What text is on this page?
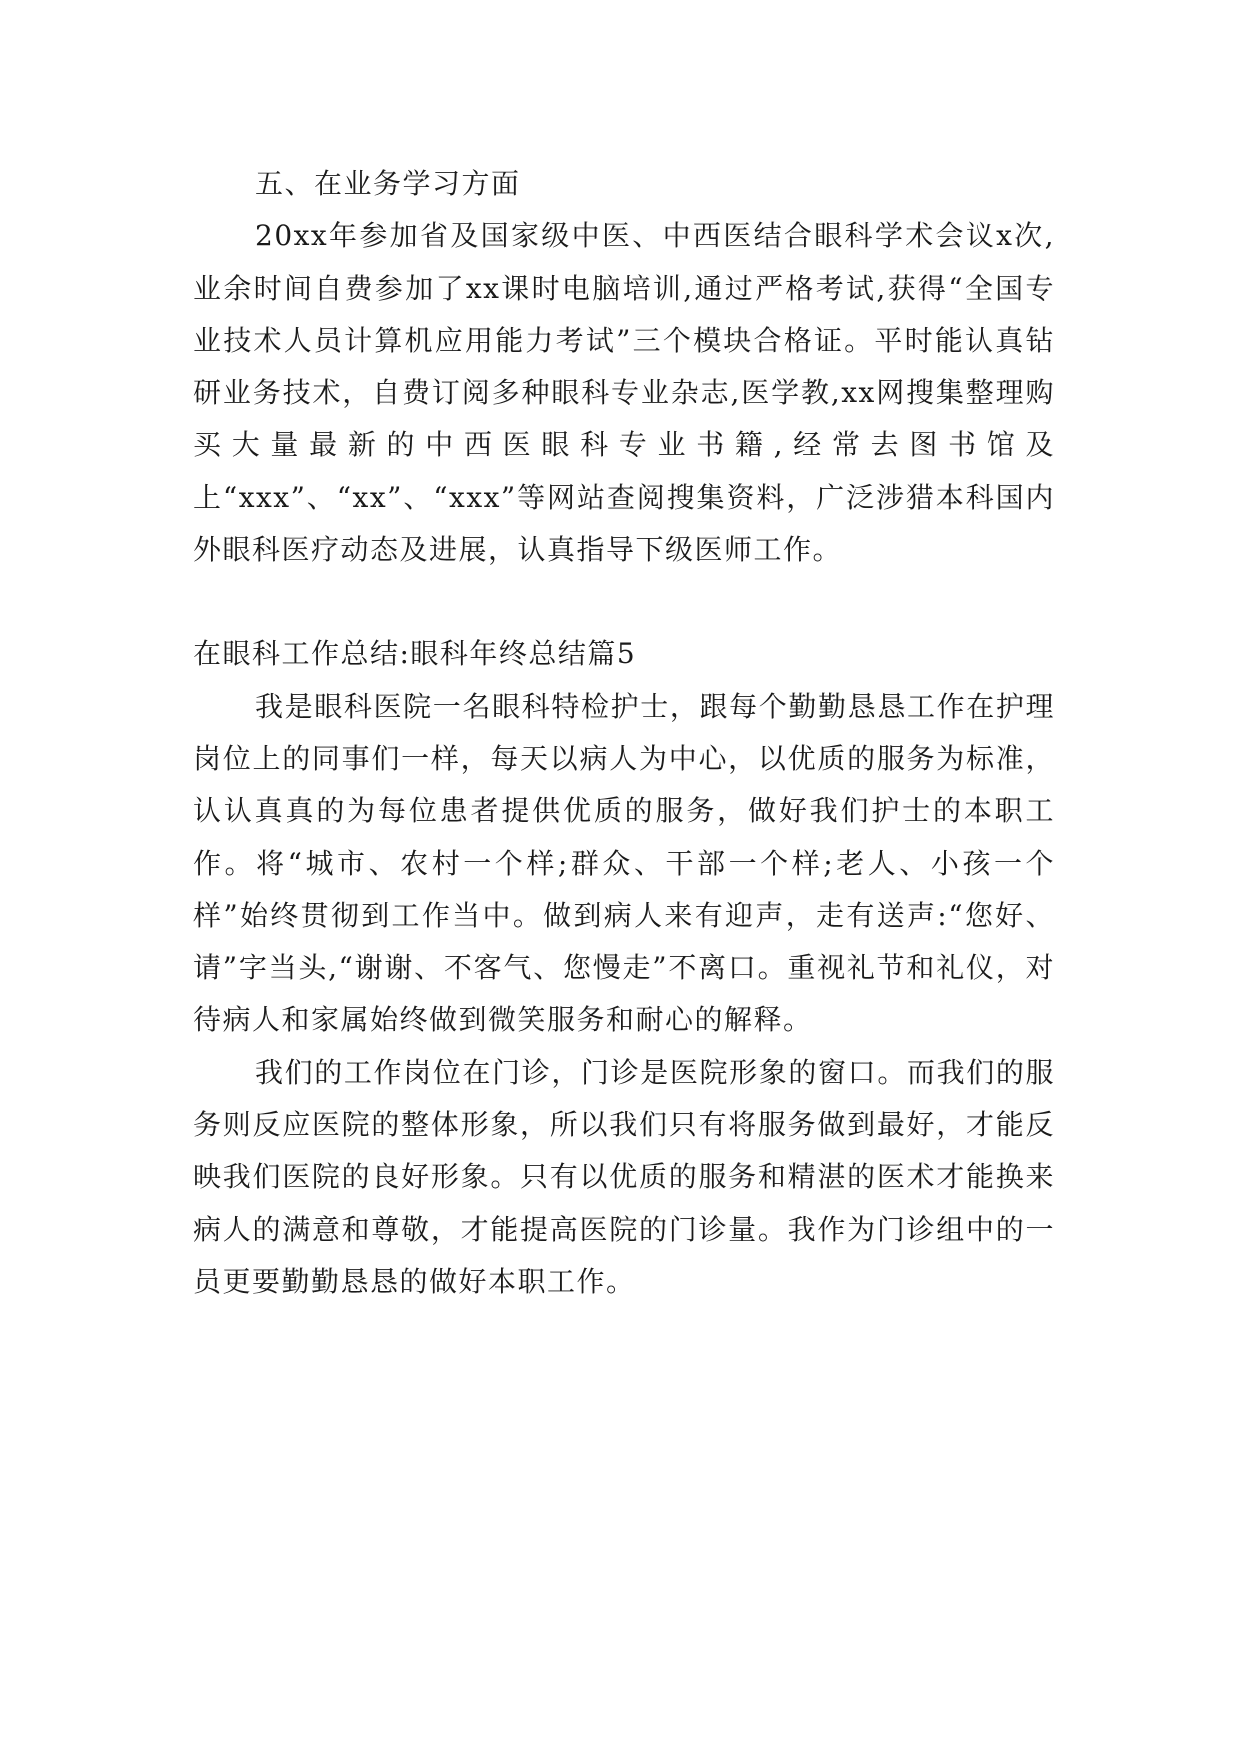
五、在业务学习方面

20xx年参加省及国家级中医、中西医结合眼科学术会议x次,业余时间自费参加了xx课时电脑培训,通过严格考试,获得“全国专业技术人员计算机应用能力考试”三个模块合格证。平时能认真钻研业务技术，自费订阅多种眼科专业杂志,医学教,xx网搜集整理购买大量最新的中西医眼科专业书籍,经常去图书馆及上“xxx”、“xx”、“xxx”等网站查阅搜集资料，广泛涉猎本科国内外眼科医疗动态及进展，认真指导下级医师工作。

在眼科工作总结:眼科年终总结篇5

我是眼科医院一名眼科特检护士，跟每个勤勤恳恳工作在护理岗位上的同事们一样，每天以病人为中心，以优质的服务为标准，认认真真的为每位患者提供优质的服务，做好我们护士的本职工作。将“城市、农村一个样;群众、干部一个样;老人、小孩一个样”始终贯彻到工作当中。做到病人来有迎声，走有送声:“您好、请”字当头,“谢谢、不客气、您慢走”不离口。重视礼节和礼仪，对待病人和家属始终做到微笑服务和耐心的解释。

我们的工作岗位在门诊，门诊是医院形象的窗口。而我们的服务则反应医院的整体形象，所以我们只有将服务做到最好，才能反映我们医院的良好形象。只有以优质的服务和精湛的医术才能换来病人的满意和尊敬，才能提高医院的门诊量。我作为门诊组中的一员更要勤勤恳恳的做好本职工作。
